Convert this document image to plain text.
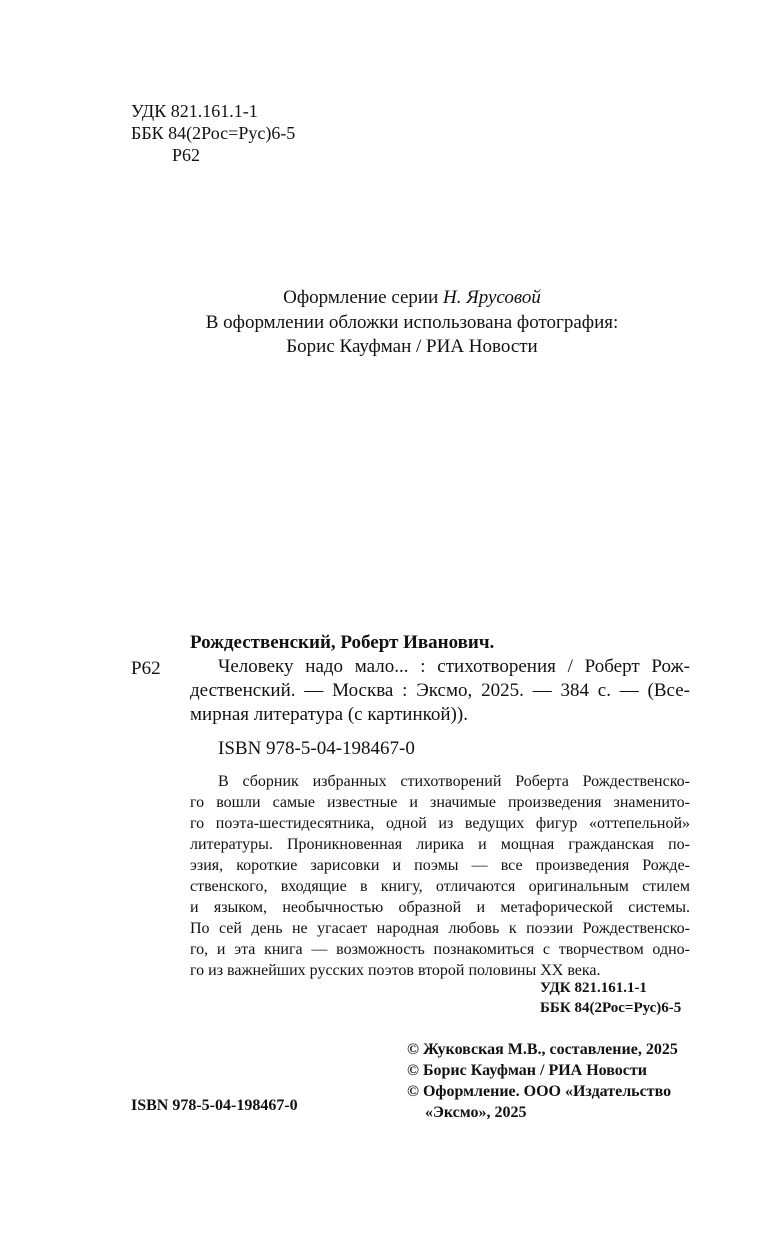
УДК 821.161.1-1
ББК 84(2Рос=Рус)6-5
Р62
Оформление серии Н. Ярусовой
В оформлении обложки использована фотография:
Борис Кауфман / РИА Новости
Рождественский, Роберт Иванович.
Р62	Человеку надо мало... : стихотворения / Роберт Рож-
дественский. — Москва : Эксмо, 2025. — 384 с. — (Все-
мирная литература (с картинкой)).
ISBN 978-5-04-198467-0
В сборник избранных стихотворений Роберта Рождественско-
го вошли самые известные и значимые произведения знаменито-
го поэта-шестидесятника, одной из ведущих фигур «оттепельной»
литературы. Проникновенная лирика и мощная гражданская по-
эзия, короткие зарисовки и поэмы — все произведения Рожде-
ственского, входящие в книгу, отличаются оригинальным стилем
и языком, необычностью образной и метафорической системы.
По сей день не угасает народная любовь к поэзии Рождественско-
го, и эта книга — возможность познакомиться с творчеством одно-
го из важнейших русских поэтов второй половины XX века.
УДК 821.161.1-1
ББК 84(2Рос=Рус)6-5
© Жуковская М.В., составление, 2025
© Борис Кауфман / РИА Новости
© Оформление. ООО «Издательство
«Эксмо», 2025
ISBN 978-5-04-198467-0
